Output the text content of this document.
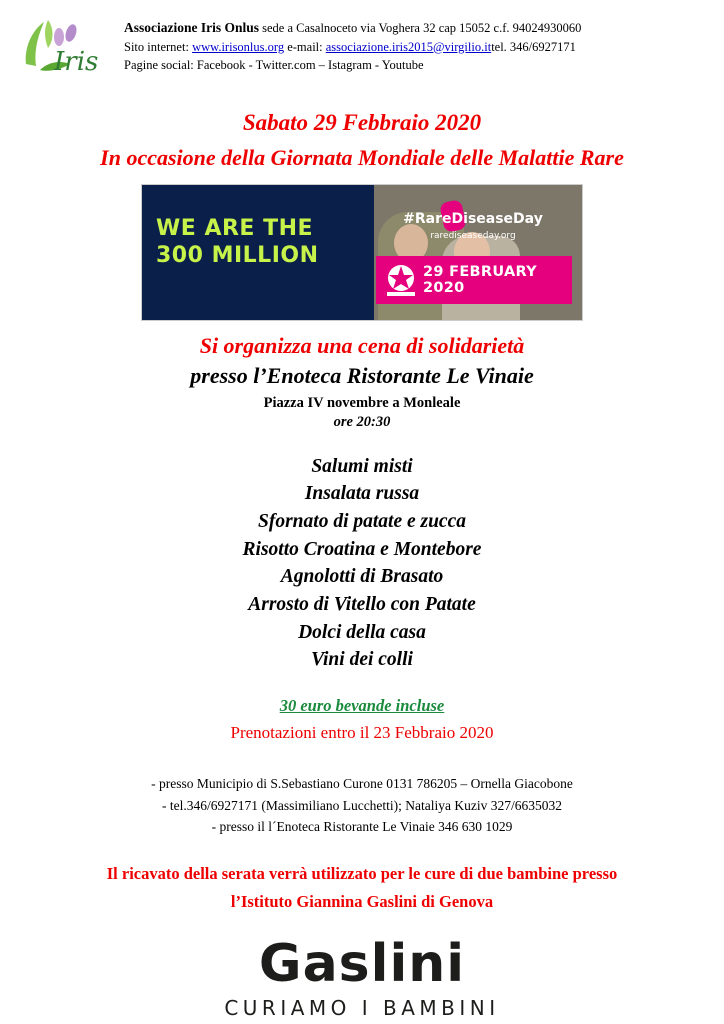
Iris
Associazione Iris Onlus sede a Casalnoceto via Voghera 32 cap 15052 c.f. 94024930060
Sito internet: www.irisonlus.org e-mail: associazione.iris2015@virgilio.ittel. 346/6927171
Pagine social: Facebook - Twitter.com – Istagram - Youtube
Sabato 29 Febbraio 2020
In occasione della Giornata Mondiale delle Malattie Rare
WE ARE THE
300 MILLION
#RareDiseaseDay
rarediseaseday.org
29 FEBRUARY 2020
Si organizza una cena di solidarietà
presso l’Enoteca Ristorante Le Vinaie
Piazza IV novembre a Monleale
ore 20:30
Salumi misti
Insalata russa
Sfornato di patate e zucca
Risotto Croatina e Montebore
Agnolotti di Brasato
Arrosto di Vitello con Patate
Dolci della casa
Vini dei colli
30 euro bevande incluse
Prenotazioni entro il 23 Febbraio 2020
- presso Municipio di S.Sebastiano Curone 0131 786205 – Ornella Giacobone
- tel.346/6927171 (Massimiliano Lucchetti); Nataliya Kuziv 327/6635032
- presso il l´Enoteca Ristorante Le Vinaie 346 630 1029
Il ricavato della serata verrà utilizzato per le cure di due bambine presso
l’Istituto Giannina Gaslini di Genova
Gaslini
CURIAMO I BAMBINI
